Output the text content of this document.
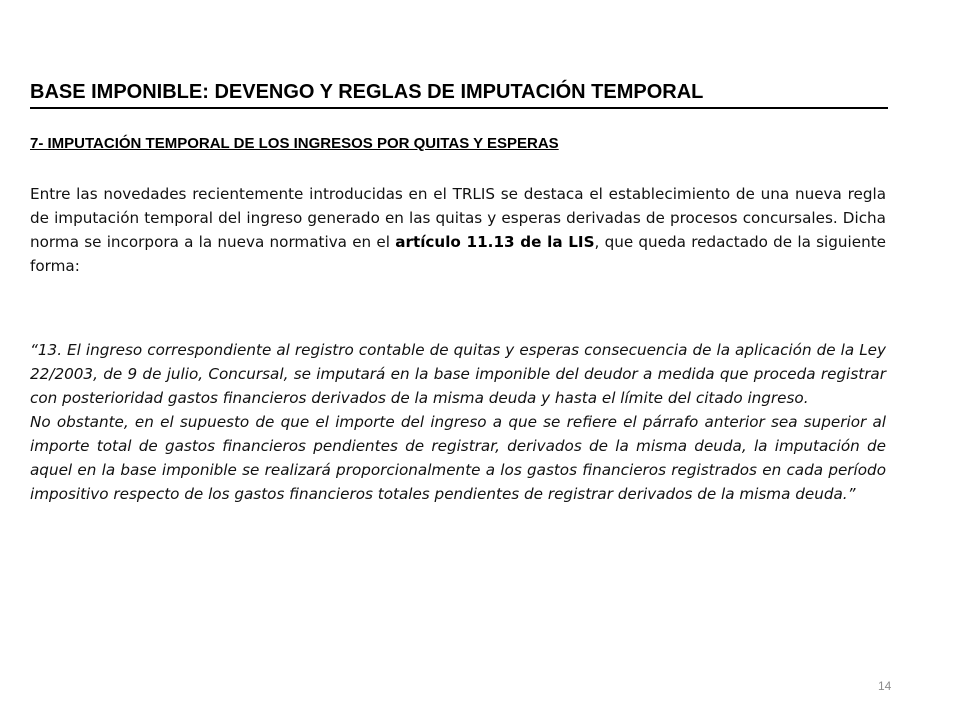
BASE IMPONIBLE: DEVENGO Y REGLAS DE IMPUTACIÓN TEMPORAL
7- IMPUTACIÓN TEMPORAL DE LOS INGRESOS POR QUITAS Y ESPERAS

Entre las novedades recientemente introducidas en el TRLIS se destaca el establecimiento de una nueva regla de imputación temporal del ingreso generado en las quitas y esperas derivadas de procesos concursales. Dicha norma se incorpora a la nueva normativa en el artículo 11.13 de la LIS, que queda redactado de la siguiente forma:

“13. El ingreso correspondiente al registro contable de quitas y esperas consecuencia de la aplicación de la Ley 22/2003, de 9 de julio, Concursal, se imputará en la base imponible del deudor a medida que proceda registrar con posterioridad gastos financieros derivados de la misma deuda y hasta el límite del citado ingreso.

No obstante, en el supuesto de que el importe del ingreso a que se refiere el párrafo anterior sea superior al importe total de gastos financieros pendientes de registrar, derivados de la misma deuda, la imputación de aquel en la base imponible se realizará proporcionalmente a los gastos financieros registrados en cada período impositivo respecto de los gastos financieros totales pendientes de registrar derivados de la misma deuda.”

14
